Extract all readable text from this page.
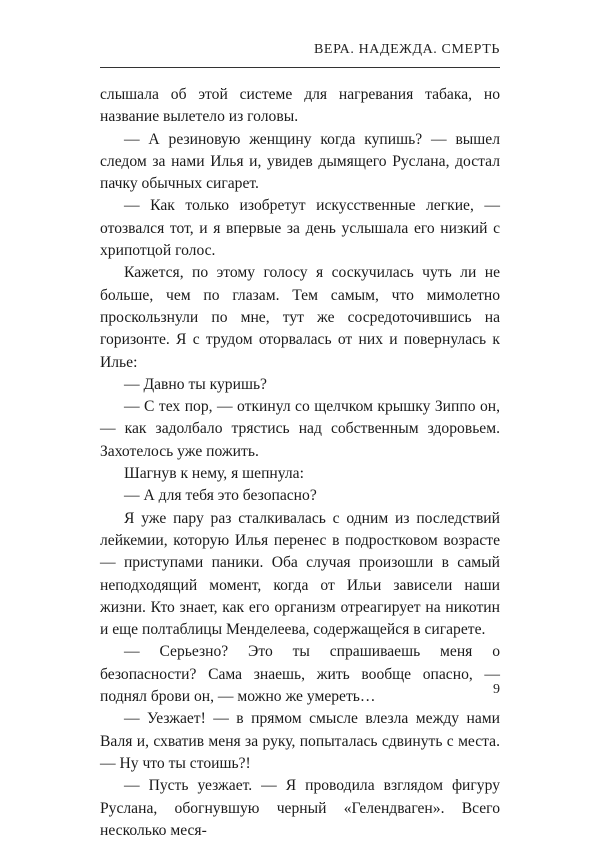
ВЕРА. НАДЕЖДА. СМЕРТЬ

слышала об этой системе для нагревания табака, но название вылетело из головы.

— А резиновую женщину когда купишь? — вышел следом за нами Илья и, увидев дымящего Руслана, достал пачку обычных сигарет.

— Как только изобретут искусственные легкие, — отозвался тот, и я впервые за день услышала его низкий с хрипотцой голос.

Кажется, по этому голосу я соскучилась чуть ли не больше, чем по глазам. Тем самым, что мимолетно проскользнули по мне, тут же сосредоточившись на горизонте. Я с трудом оторвалась от них и повернулась к Илье:

— Давно ты куришь?

— С тех пор, — откинул со щелчком крышку Зиппо он, — как задолбало трястись над собственным здоровьем. Захотелось уже пожить.

Шагнув к нему, я шепнула:

— А для тебя это безопасно?

Я уже пару раз сталкивалась с одним из последствий лейкемии, которую Илья перенес в подростковом возрасте — приступами паники. Оба случая произошли в самый неподходящий момент, когда от Ильи зависели наши жизни. Кто знает, как его организм отреагирует на никотин и еще полтаблицы Менделеева, содержащейся в сигарете.

— Серьезно? Это ты спрашиваешь меня о безопасности? Сама знаешь, жить вообще опасно, — поднял брови он, — можно же умереть…

— Уезжает! — в прямом смысле влезла между нами Валя и, схватив меня за руку, попыталась сдвинуть с места. — Ну что ты стоишь?!

— Пусть уезжает. — Я проводила взглядом фигуру Руслана, обогнувшую черный «Гелендваген». Всего несколько меся-

9
